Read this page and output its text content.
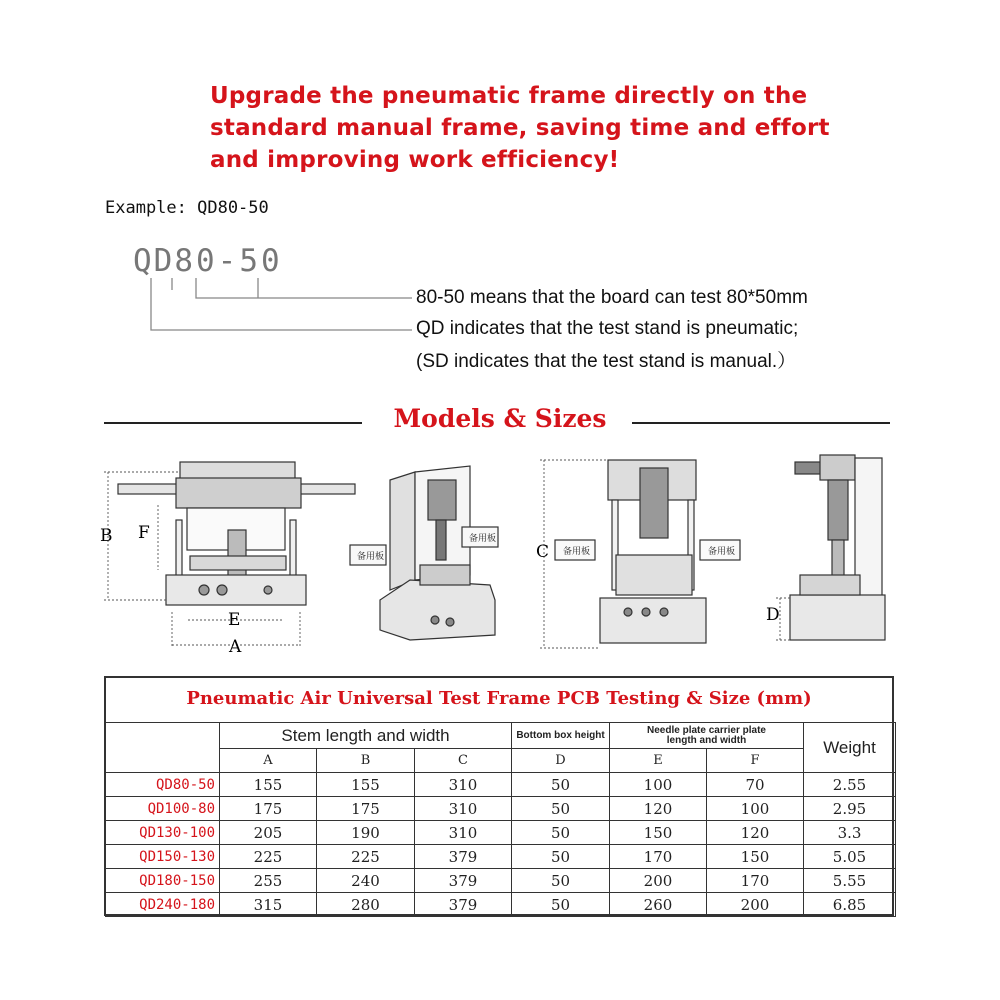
Upgrade the pneumatic frame directly on the
standard manual frame, saving time and effort
and improving work efficiency!
Example: QD80-50
QD80-50
80-50 means that the board can test 80*50mm
QD indicates that the test stand is pneumatic;
(SD indicates that the test stand is manual.）
Models & Sizes
B F
E
A
备用板
备用板
C 备用板	备用板
D
Pneumatic Air Universal Test Frame PCB Testing & Size (mm)
	Stem length and width			Bottom box height	Needle plate carrier plate
length and width		Weight
	A	B	C	D	E	F	
QD80-50	155	155	310	50	100	70	2.55
QD100-80	175	175	310	50	120	100	2.95
QD130-100	205	190	310	50	150	120	3.3
QD150-130	225	225	379	50	170	150	5.05
QD180-150	255	240	379	50	200	170	5.55
QD240-180	315	280	379	50	260	200	6.85
